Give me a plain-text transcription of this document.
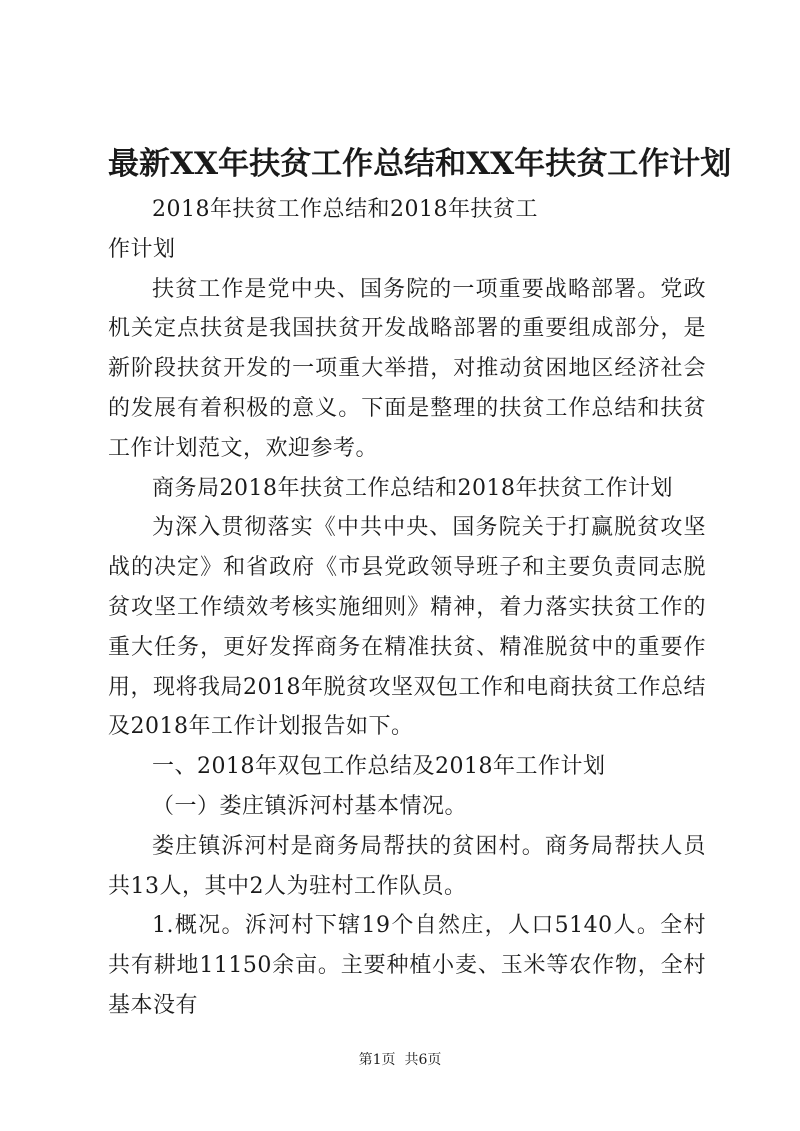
最新XX年扶贫工作总结和XX年扶贫工作计划

2018年扶贫工作总结和2018年扶贫工作计划

扶贫工作是党中央、国务院的一项重要战略部署。党政机关定点扶贫是我国扶贫开发战略部署的重要组成部分，是新阶段扶贫开发的一项重大举措，对推动贫困地区经济社会的发展有着积极的意义。下面是整理的扶贫工作总结和扶贫工作计划范文，欢迎参考。

商务局2018年扶贫工作总结和2018年扶贫工作计划

为深入贯彻落实《中共中央、国务院关于打赢脱贫攻坚战的决定》和省政府《市县党政领导班子和主要负责同志脱贫攻坚工作绩效考核实施细则》精神，着力落实扶贫工作的重大任务，更好发挥商务在精准扶贫、精准脱贫中的重要作用，现将我局2018年脱贫攻坚双包工作和电商扶贫工作总结及2018年工作计划报告如下。

一、2018年双包工作总结及2018年工作计划

（一）娄庄镇泝河村基本情况。

娄庄镇泝河村是商务局帮扶的贫困村。商务局帮扶人员共13人，其中2人为驻村工作队员。

1.概况。泝河村下辖19个自然庄，人口5140人。全村共有耕地11150余亩。主要种植小麦、玉米等农作物，全村基本没有

第1页  共6页
